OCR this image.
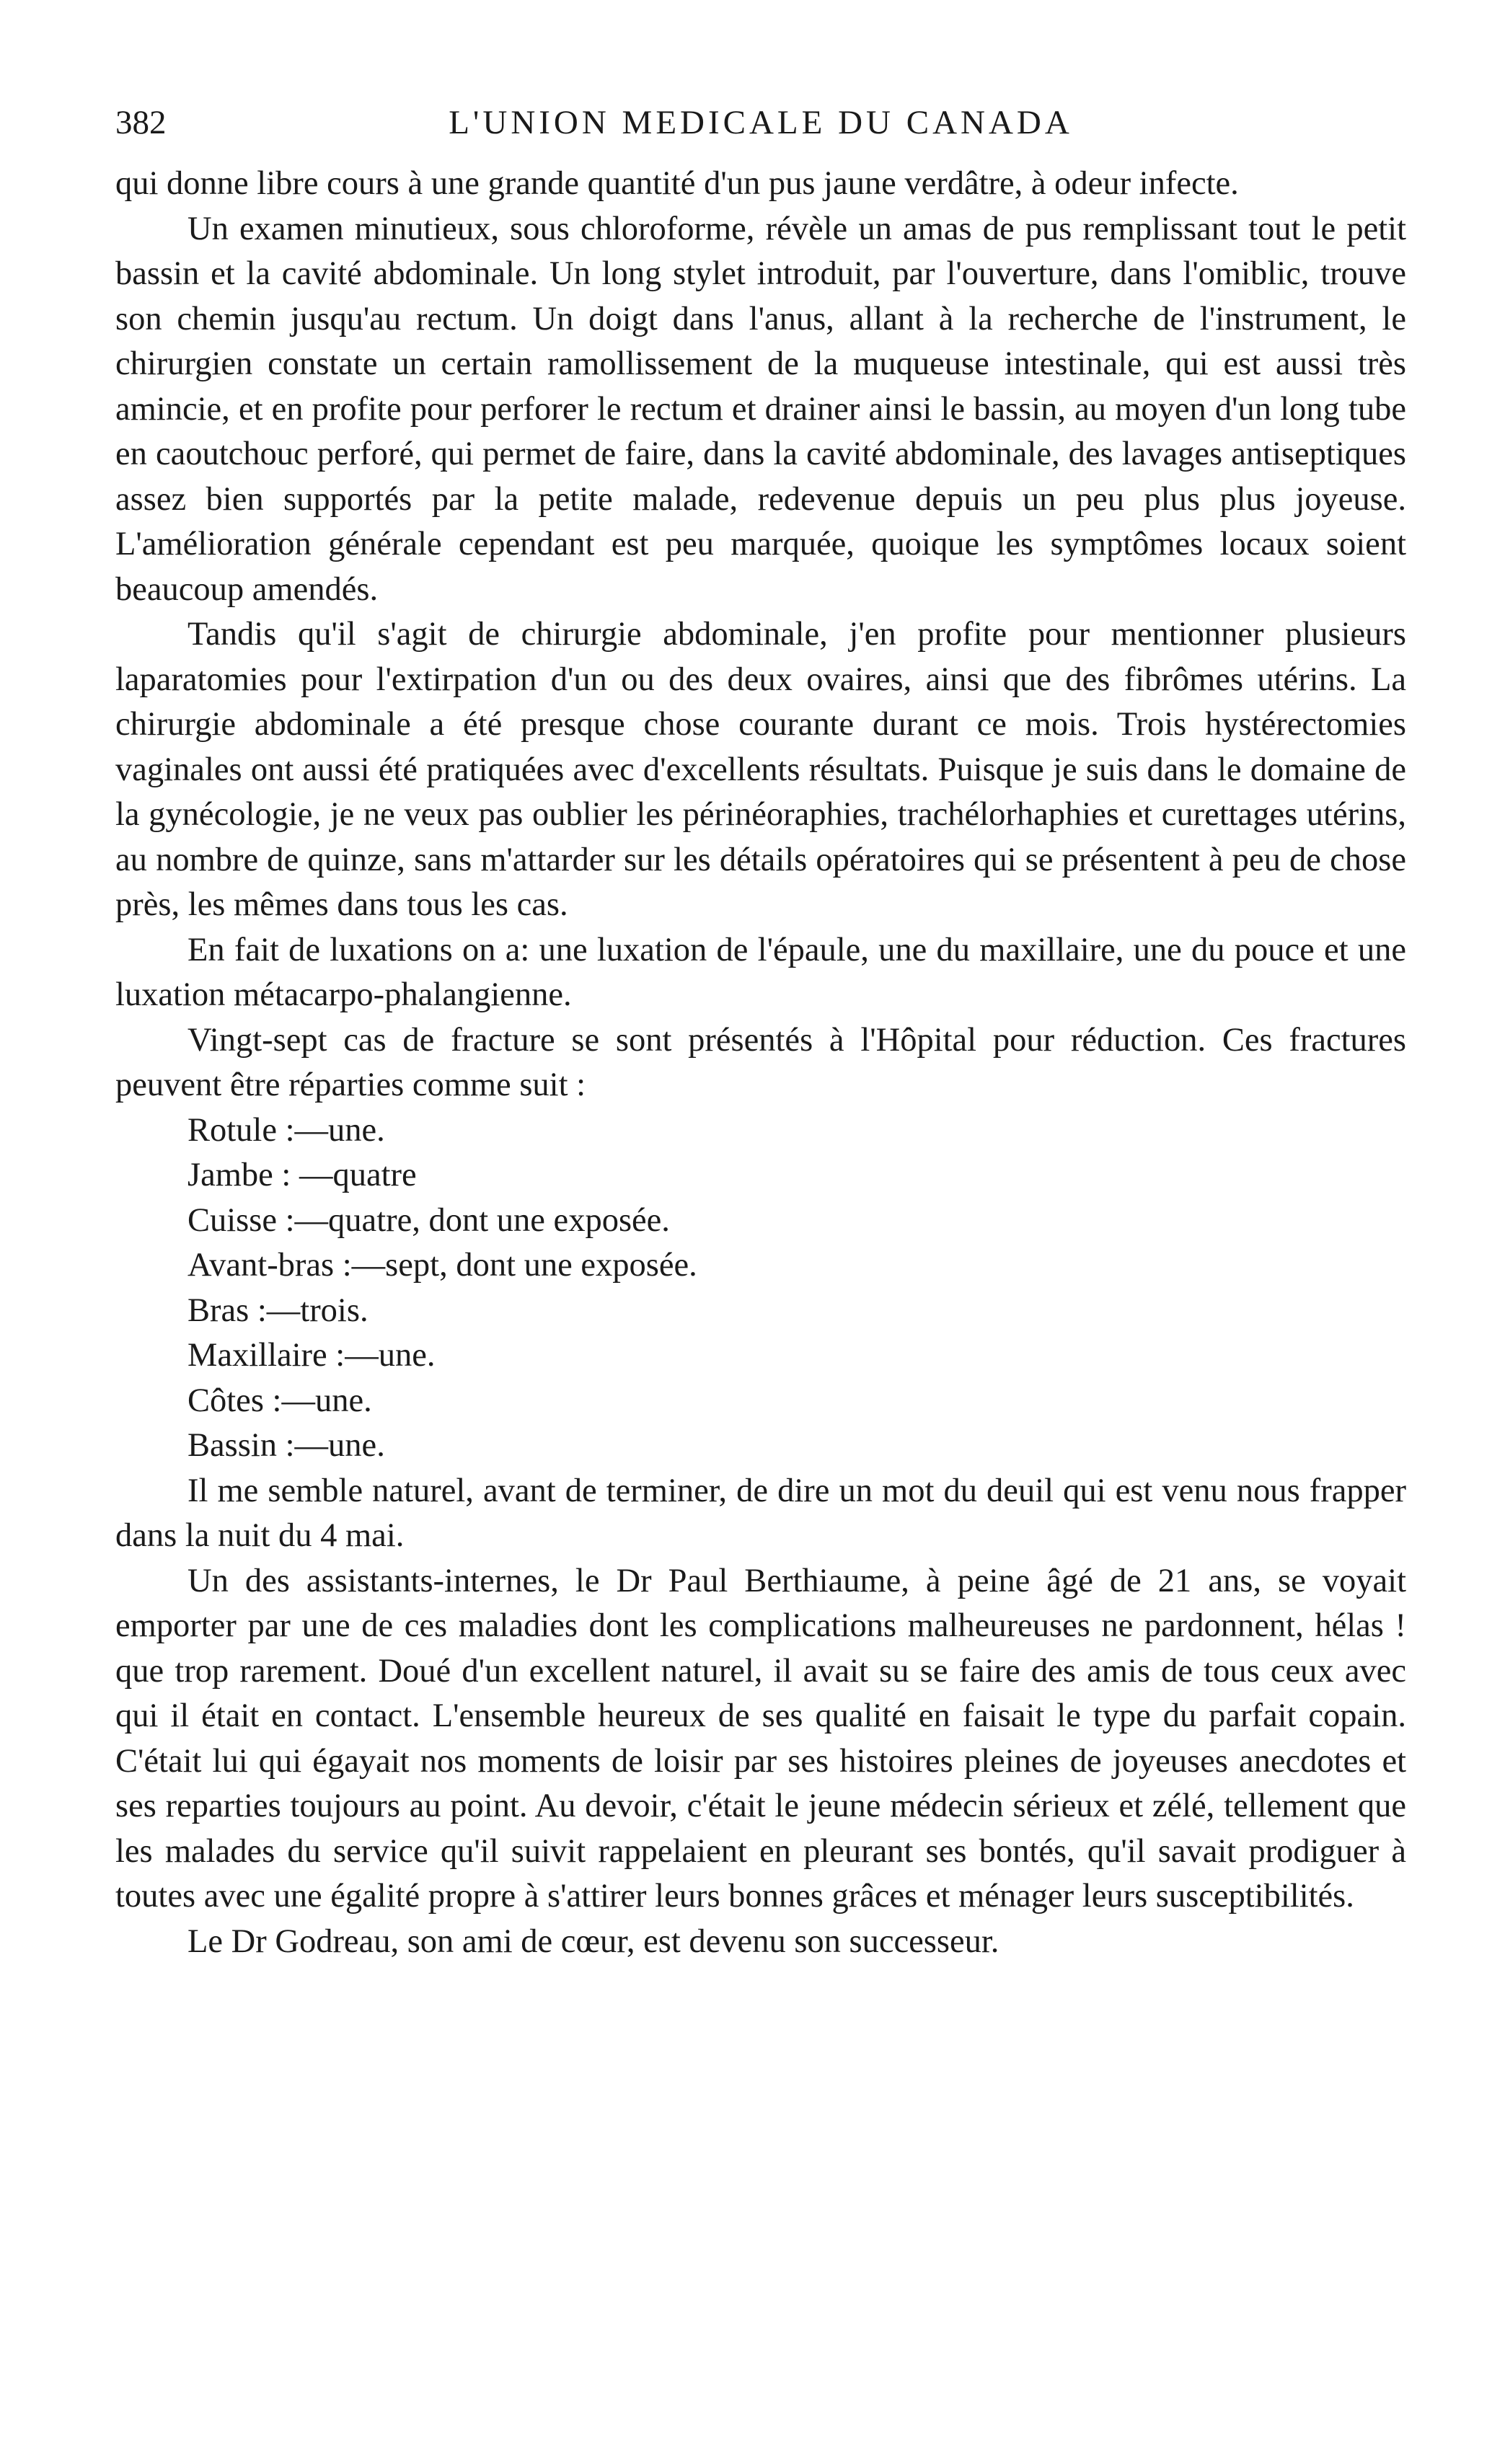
382	L'UNION MEDICALE DU CANADA

qui donne libre cours à une grande quantité d'un pus jaune verdâtre, à odeur infecte.

Un examen minutieux, sous chloroforme, révèle un amas de pus remplissant tout le petit bassin et la cavité abdominale. Un long stylet introduit, par l'ouverture, dans l'omiblic, trouve son chemin jusqu'au rectum. Un doigt dans l'anus, allant à la recherche de l'instrument, le chirurgien constate un certain ramollissement de la muqueuse intestinale, qui est aussi très amincie, et en profite pour perforer le rectum et drainer ainsi le bassin, au moyen d'un long tube en caoutchouc perforé, qui permet de faire, dans la cavité abdominale, des lavages antiseptiques assez bien supportés par la petite malade, redevenue depuis un peu plus plus joyeuse. L'amélioration générale cependant est peu marquée, quoique les symptômes locaux soient beaucoup amendés.

Tandis qu'il s'agit de chirurgie abdominale, j'en profite pour mentionner plusieurs laparatomies pour l'extirpation d'un ou des deux ovaires, ainsi que des fibrômes utérins. La chirurgie abdominale a été presque chose courante durant ce mois. Trois hystérectomies vaginales ont aussi été pratiquées avec d'excellents résultats. Puisque je suis dans le domaine de la gynécologie, je ne veux pas oublier les périnéoraphies, trachélorhaphies et curettages utérins, au nombre de quinze, sans m'attarder sur les détails opératoires qui se présentent à peu de chose près, les mêmes dans tous les cas.

En fait de luxations on a: une luxation de l'épaule, une du maxillaire, une du pouce et une luxation métacarpo-phalangienne.

Vingt-sept cas de fracture se sont présentés à l'Hôpital pour réduction. Ces fractures peuvent être réparties comme suit :

Rotule :—une.
Jambe : —quatre
Cuisse :—quatre, dont une exposée.
Avant-bras :—sept, dont une exposée.
Bras :—trois.
Maxillaire :—une.
Côtes :—une.
Bassin :—une.

Il me semble naturel, avant de terminer, de dire un mot du deuil qui est venu nous frapper dans la nuit du 4 mai.

Un des assistants-internes, le Dr Paul Berthiaume, à peine âgé de 21 ans, se voyait emporter par une de ces maladies dont les complications malheureuses ne pardonnent, hélas ! que trop rarement. Doué d'un excellent naturel, il avait su se faire des amis de tous ceux avec qui il était en contact. L'ensemble heureux de ses qualité en faisait le type du parfait copain. C'était lui qui égayait nos moments de loisir par ses histoires pleines de joyeuses anecdotes et ses reparties toujours au point. Au devoir, c'était le jeune médecin sérieux et zélé, tellement que les malades du service qu'il suivit rappelaient en pleurant ses bontés, qu'il savait prodiguer à toutes avec une égalité propre à s'attirer leurs bonnes grâces et ménager leurs susceptibilités.

Le Dr Godreau, son ami de cœur, est devenu son successeur.
